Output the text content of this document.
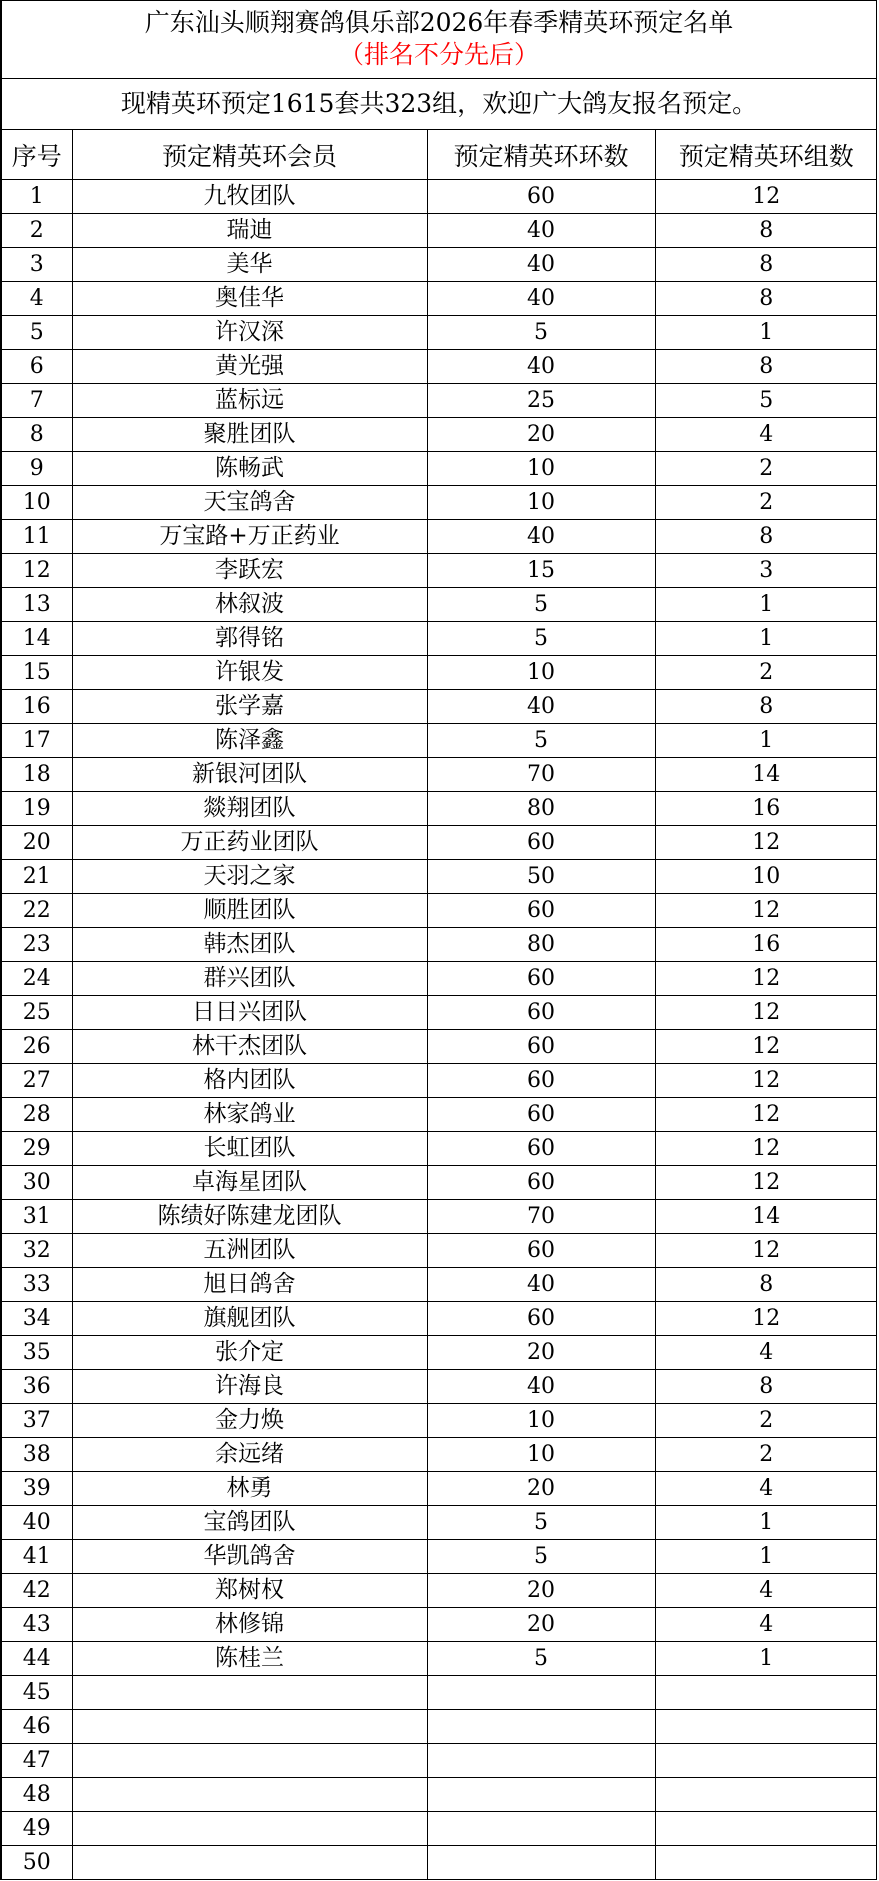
广东汕头顺翔赛鸽俱乐部2026年春季精英环预定名单
（排名不分先后）
现精英环预定1615套共323组，欢迎广大鸽友报名预定。
序号	预定精英环会员	预定精英环环数	预定精英环组数
1	九牧团队	60	12
2	瑞迪	40	8
3	美华	40	8
4	奥佳华	40	8
5	许汉深	5	1
6	黄光强	40	8
7	蓝标远	25	5
8	聚胜团队	20	4
9	陈畅武	10	2
10	天宝鸽舍	10	2
11	万宝路+万正药业	40	8
12	李跃宏	15	3
13	林叙波	5	1
14	郭得铭	5	1
15	许银发	10	2
16	张学嘉	40	8
17	陈泽鑫	5	1
18	新银河团队	70	14
19	燚翔团队	80	16
20	万正药业团队	60	12
21	天羽之家	50	10
22	顺胜团队	60	12
23	韩杰团队	80	16
24	群兴团队	60	12
25	日日兴团队	60	12
26	林干杰团队	60	12
27	格内团队	60	12
28	林家鸽业	60	12
29	长虹团队	60	12
30	卓海星团队	60	12
31	陈绩好陈建龙团队	70	14
32	五洲团队	60	12
33	旭日鸽舍	40	8
34	旗舰团队	60	12
35	张介定	20	4
36	许海良	40	8
37	金力焕	10	2
38	余远绪	10	2
39	林勇	20	4
40	宝鸽团队	5	1
41	华凯鸽舍	5	1
42	郑树权	20	4
43	林修锦	20	4
44	陈桂兰	5	1
45			
46			
47			
48			
49			
50			
